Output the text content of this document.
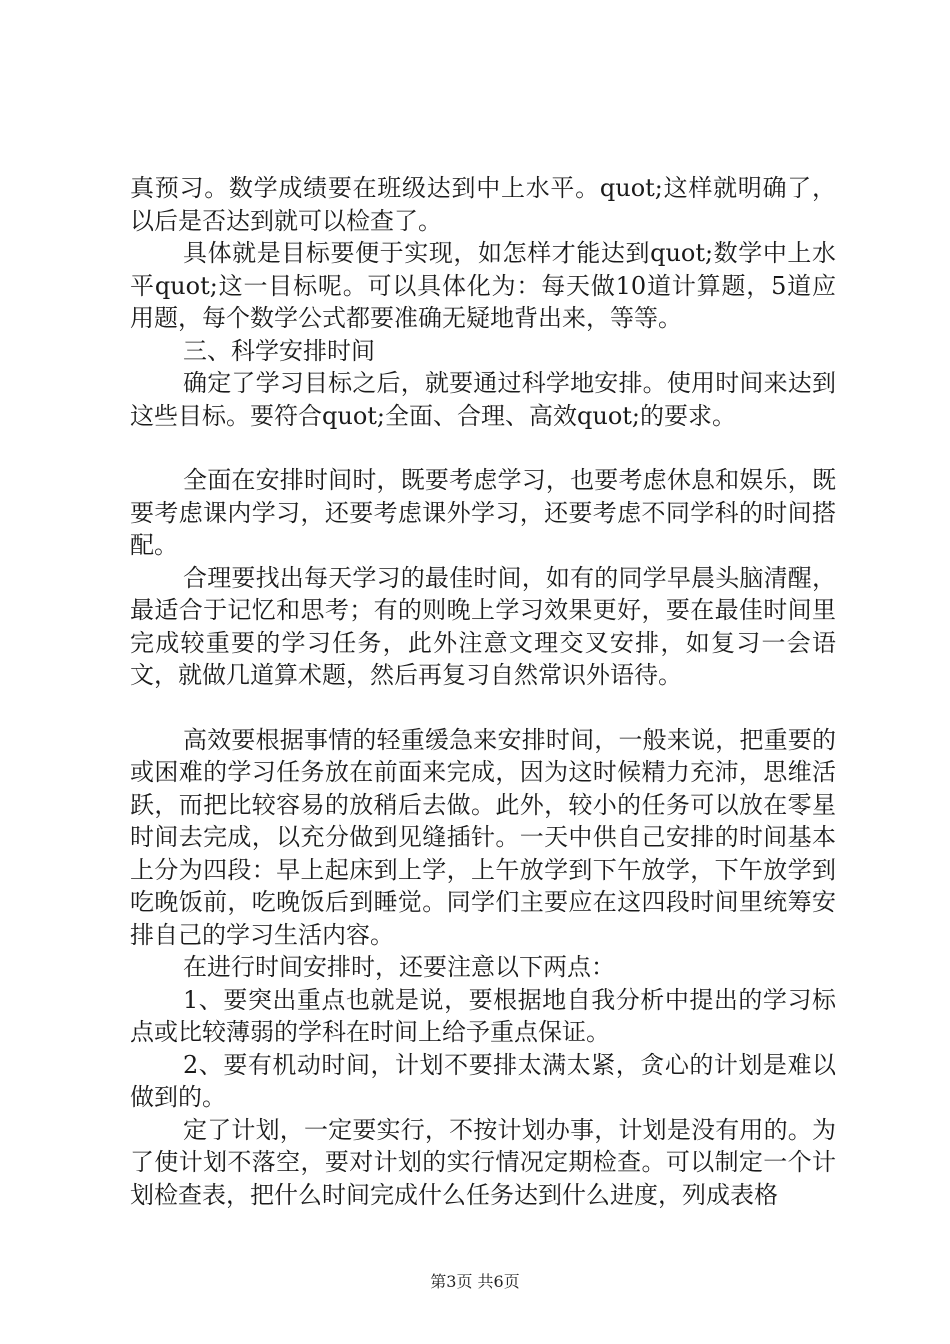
真预习。数学成绩要在班级达到中上水平。quot;这样就明确了，以后是否达到就可以检查了。

具体就是目标要便于实现，如怎样才能达到quot;数学中上水平quot;这一目标呢。可以具体化为：每天做10道计算题，5道应用题，每个数学公式都要准确无疑地背出来，等等。

三、科学安排时间

确定了学习目标之后，就要通过科学地安排。使用时间来达到这些目标。要符合quot;全面、合理、高效quot;的要求。

全面在安排时间时，既要考虑学习，也要考虑休息和娱乐，既要考虑课内学习，还要考虑课外学习，还要考虑不同学科的时间搭配。

合理要找出每天学习的最佳时间，如有的同学早晨头脑清醒，最适合于记忆和思考；有的则晚上学习效果更好，要在最佳时间里完成较重要的学习任务，此外注意文理交叉安排，如复习一会语文，就做几道算术题，然后再复习自然常识外语待。

高效要根据事情的轻重缓急来安排时间，一般来说，把重要的或困难的学习任务放在前面来完成，因为这时候精力充沛，思维活跃，而把比较容易的放稍后去做。此外，较小的任务可以放在零星时间去完成，以充分做到见缝插针。一天中供自己安排的时间基本上分为四段：早上起床到上学，上午放学到下午放学，下午放学到吃晚饭前，吃晚饭后到睡觉。同学们主要应在这四段时间里统筹安排自己的学习生活内容。

在进行时间安排时，还要注意以下两点：

1、要突出重点也就是说，要根据地自我分析中提出的学习标点或比较薄弱的学科在时间上给予重点保证。

2、要有机动时间，计划不要排太满太紧，贪心的计划是难以做到的。

定了计划，一定要实行，不按计划办事，计划是没有用的。为了使计划不落空，要对计划的实行情况定期检查。可以制定一个计划检查表，把什么时间完成什么任务达到什么进度，列成表格

第3页 共6页
